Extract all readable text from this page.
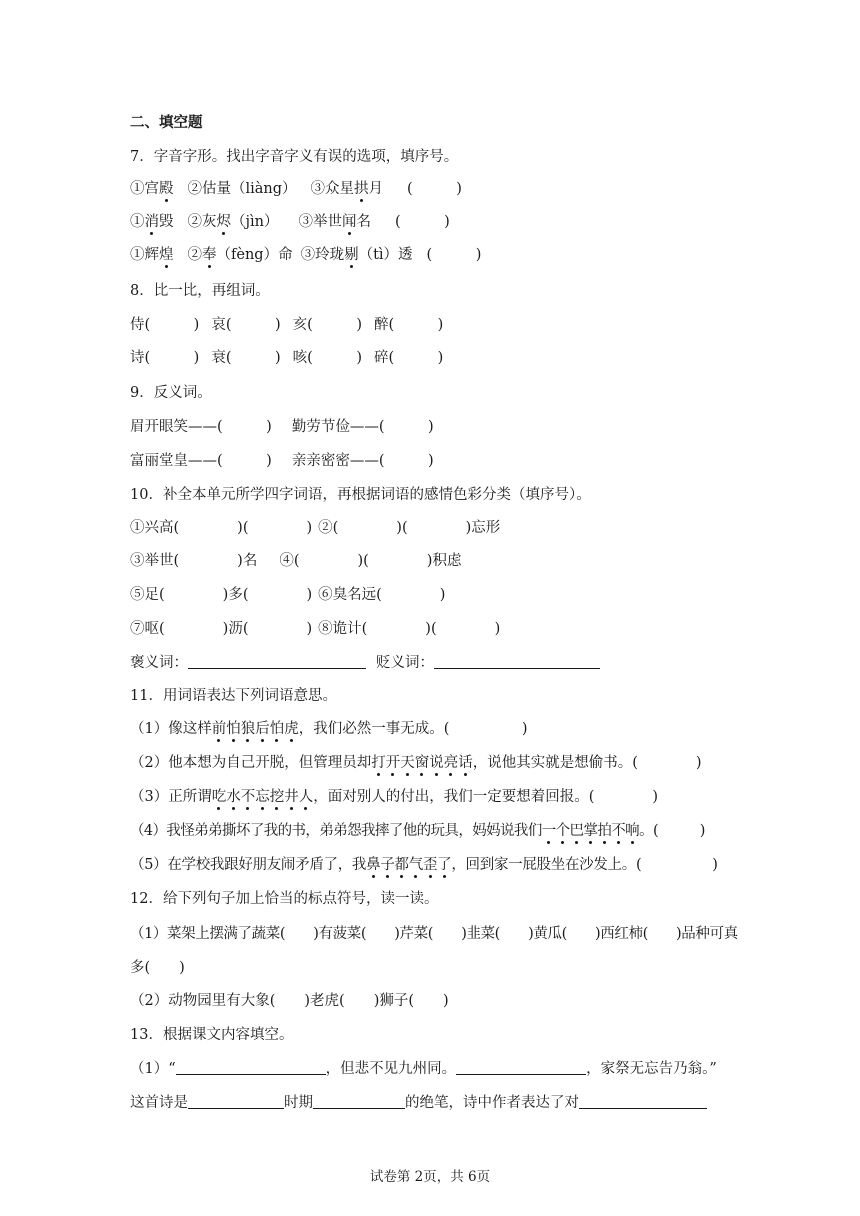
二、填空题
7．字音字形。找出字音字义有误的选项，填序号。
①宫殿 ②估量（liàng） ③众星拱月 (　　　)
①消毁 ②灰烬（jìn） ③举世闻名 (　　　)
①辉煌 ②奉（fèng）命 ③玲珑剔（tì）透 (　　　)
8．比一比，再组词。
侍(　　　) 哀(　　　) 亥(　　　) 醉(　　　)
诗(　　　) 衰(　　　) 咳(　　　) 碎(　　　)
9．反义词。
眉开眼笑——(　　　) 勤劳节俭——(　　　)
富丽堂皇——(　　　) 亲亲密密——(　　　)
10．补全本单元所学四字词语，再根据词语的感情色彩分类（填序号）。
①兴高(　　　　)(　　　　) ②(　　　　)(　　　　)忘形
③举世(　　　　)名 ④(　　　　)(　　　　)积虑
⑤足(　　　　)多(　　　　) ⑥臭名远(　　　　)
⑦呕(　　　　)沥(　　　　) ⑧诡计(　　　　)(　　　　)
褒义词：	贬义词：
11．用词语表达下列词语意思。
（1）像这样前怕狼后怕虎，我们必然一事无成。(　　　　　)
（2）他本想为自己开脱，但管理员却打开天窗说亮话，说他其实就是想偷书。(　　　　)
（3）正所谓吃水不忘挖井人，面对别人的付出，我们一定要想着回报。(　　　　)
（4）我怪弟弟撕坏了我的书，弟弟怨我摔了他的玩具，妈妈说我们一个巴掌拍不响。(　　　)
（5）在学校我跟好朋友闹矛盾了，我鼻子都气歪了，回到家一屁股坐在沙发上。(　　　　　)
12．给下列句子加上恰当的标点符号，读一读。
（1）菜架上摆满了蔬菜(　　)有菠菜(　　)芹菜(　　)韭菜(　　)黄瓜(　　)西红柿(　　)品种可真
多(　　)
（2）动物园里有大象(　　)老虎(　　)狮子(　　)
13．根据课文内容填空。
（1）“	，但悲不见九州同。	，家祭无忘告乃翁。”
这首诗是	时期	的绝笔，诗中作者表达了对
试卷第 2页，共 6页
